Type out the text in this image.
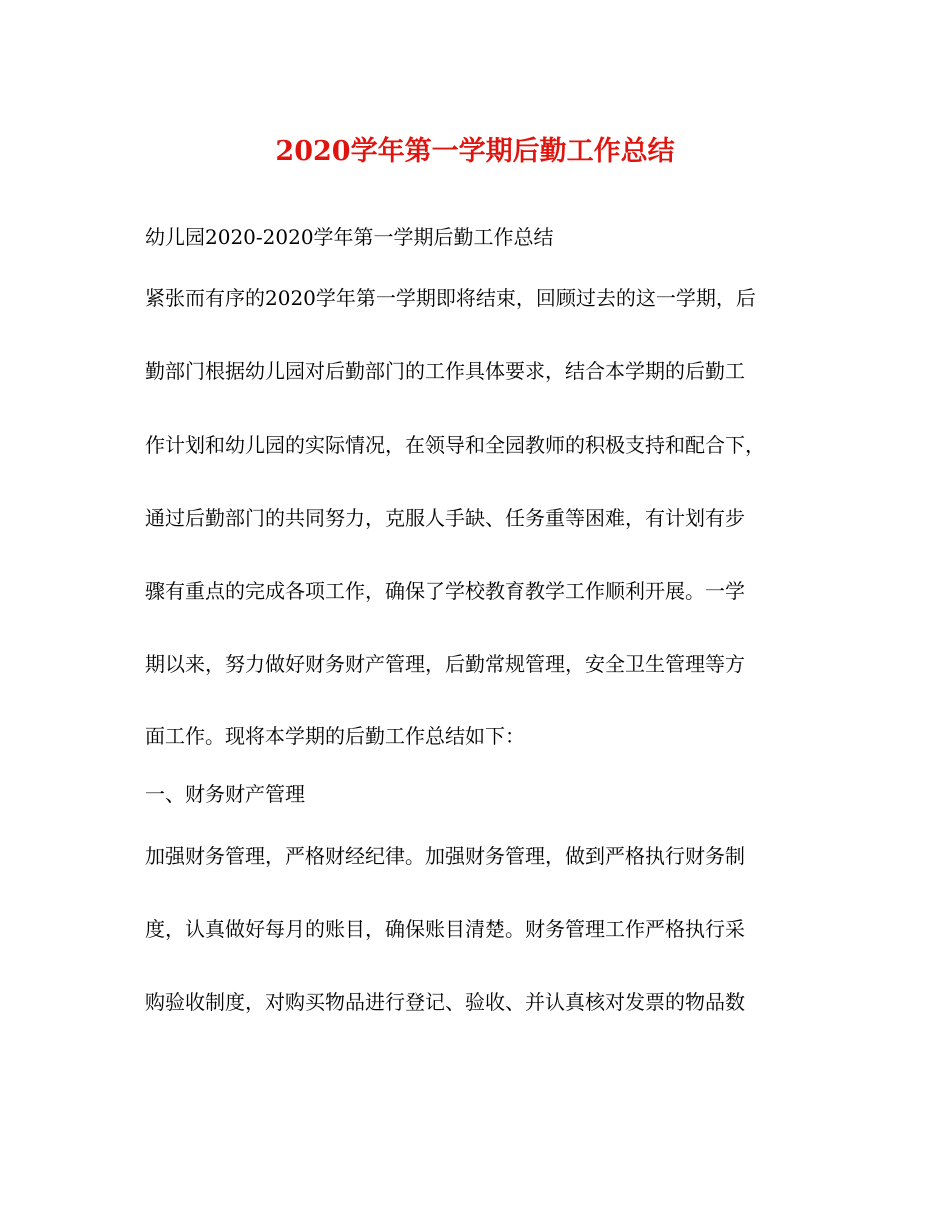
2020学年第一学期后勤工作总结
幼儿园2020-2020学年第一学期后勤工作总结
紧张而有序的2020学年第一学期即将结束，回顾过去的这一学期，后
勤部门根据幼儿园对后勤部门的工作具体要求，结合本学期的后勤工
作计划和幼儿园的实际情况，在领导和全园教师的积极支持和配合下，
通过后勤部门的共同努力，克服人手缺、任务重等困难，有计划有步
骤有重点的完成各项工作，确保了学校教育教学工作顺利开展。一学
期以来，努力做好财务财产管理，后勤常规管理，安全卫生管理等方
面工作。现将本学期的后勤工作总结如下：
一、财务财产管理
加强财务管理，严格财经纪律。加强财务管理，做到严格执行财务制
度，认真做好每月的账目，确保账目清楚。财务管理工作严格执行采
购验收制度，对购买物品进行登记、验收、并认真核对发票的物品数
